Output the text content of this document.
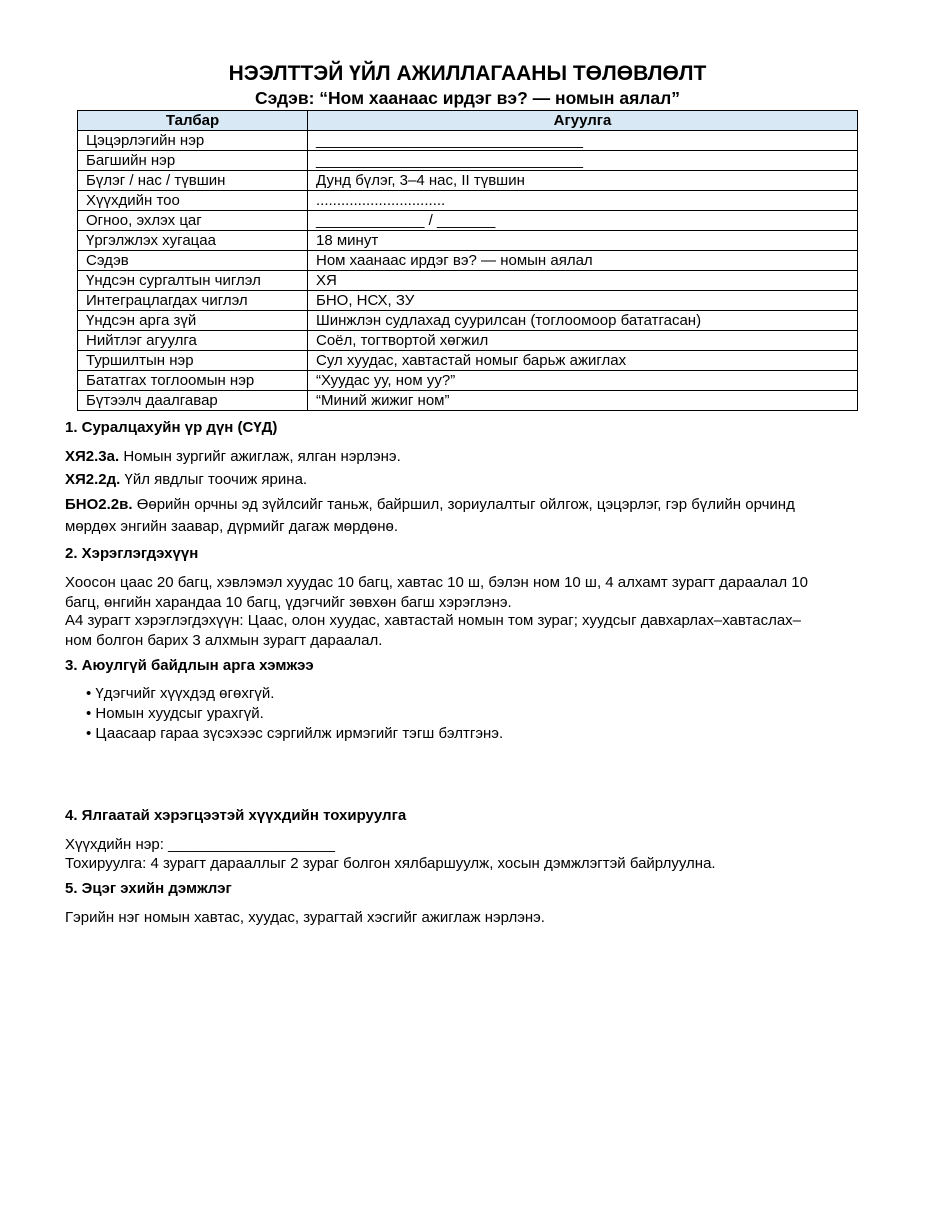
НЭЭЛТТЭЙ ҮЙЛ АЖИЛЛАГААНЫ ТӨЛӨВЛӨЛТ
Сэдэв: “Ном хаанаас ирдэг вэ? — номын аялал”
Талбар	Агуулга
Цэцэрлэгийн нэр	________________________________
Багшийн нэр	________________________________
Бүлэг / нас / түвшин	Дунд бүлэг, 3–4 нас, II түвшин
Хүүхдийн тоо	...............................
Огноо, эхлэх цаг	_____________ / _______
Үргэлжлэх хугацаа	18 минут
Сэдэв	Ном хаанаас ирдэг вэ? — номын аялал
Үндсэн сургалтын чиглэл	ХЯ
Интеграцлагдах чиглэл	БНО, НСХ, ЗУ
Үндсэн арга зүй	Шинжлэн судлахад суурилсан (тоглоомоор бататгасан)
Нийтлэг агуулга	Соёл, тогтвортой хөгжил
Туршилтын нэр	Сул хуудас, хавтастай номыг барьж ажиглах
Бататгах тоглоомын нэр	“Хуудас уу, ном уу?”
Бүтээлч даалгавар	“Миний жижиг ном”
1. Суралцахуйн үр дүн (СҮД)
ХЯ2.3а. Номын зургийг ажиглаж, ялган нэрлэнэ.
ХЯ2.2д. Үйл явдлыг тоочиж ярина.
БНО2.2в. Өөрийн орчны эд зүйлсийг таньж, байршил, зориулалтыг ойлгож, цэцэрлэг, гэр бүлийн орчинд мөрдөх энгийн заавар, дүрмийг дагаж мөрдөнө.
2. Хэрэглэгдэхүүн
Хоосон цаас 20 багц, хэвлэмэл хуудас 10 багц, хавтас 10 ш, бэлэн ном 10 ш, 4 алхамт зурагт дараалал 10 багц, өнгийн харандаа 10 багц, үдэгчийг зөвхөн багш хэрэглэнэ.
А4 зурагт хэрэглэгдэхүүн: Цаас, олон хуудас, хавтастай номын том зураг; хуудсыг давхарлах–хавтаслах–ном болгон барих 3 алхмын зурагт дараалал.
3. Аюулгүй байдлын арга хэмжээ
• Үдэгчийг хүүхдэд өгөхгүй.
• Номын хуудсыг урахгүй.
• Цаасаар гараа зүсэхээс сэргийлж ирмэгийг тэгш бэлтгэнэ.
4. Ялгаатай хэрэгцээтэй хүүхдийн тохируулга
Хүүхдийн нэр: ____________________
Тохируулга: 4 зурагт дарааллыг 2 зураг болгон хялбаршуулж, хосын дэмжлэгтэй байрлуулна.
5. Эцэг эхийн дэмжлэг
Гэрийн нэг номын хавтас, хуудас, зурагтай хэсгийг ажиглаж нэрлэнэ.
